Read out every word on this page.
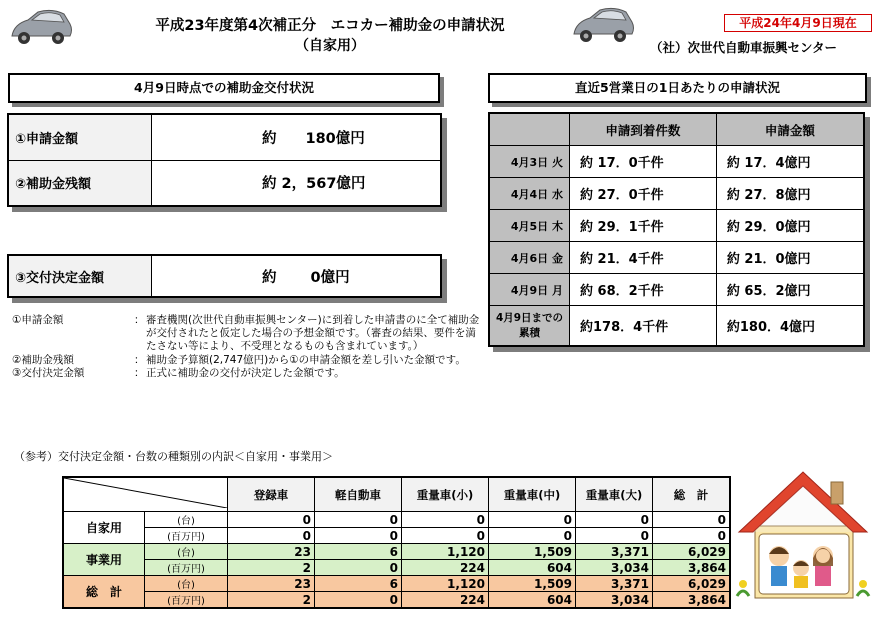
平成23年度第4次補正分　エコカー補助金の申請状況
（自家用）
平成24年4月9日現在
（社）次世代自動車振興センター
4月9日時点での補助金交付状況
①申請金額	約　　180億円
②補助金残額	約 2，567億円
③交付決定金額	約　　 0億円
直近5営業日の1日あたりの申請状況
	申請到着件数	申請金額
4月3日 火	約 17．0千件	約 17．4億円
4月4日 水	約 27．0千件	約 27．8億円
4月5日 木	約 29．1千件	約 29．0億円
4月6日 金	約 21．4千件	約 21．0億円
4月9日 月	約 68．2千件	約 65．2億円
4月9日までの累積	約178．4千件	約180．4億円
①申請金額	： 審査機関(次世代自動車振興センター)に到着した申請書のに全て補助金が交付されたと仮定した場合の予想金額です。（審査の結果、要件を満たさない等により、不受理となるものも含まれています。）
②補助金残額	： 補助金予算額(2,747億円)から①の申請金額を差し引いた金額です。
③交付決定金額	： 正式に補助金の交付が決定した金額です。
（参考）交付決定金額・台数の種類別の内訳＜自家用・事業用＞
	登録車	軽自動車	重量車(小)	重量車(中)	重量車(大)	総　計
自家用	(台)	0	0	0	0	0	0
	(百万円)	0	0	0	0	0	0
事業用	(台)	23	6	1,120	1,509	3,371	6,029
	(百万円)	2	0	224	604	3,034	3,864
総　計	(台)	23	6	1,120	1,509	3,371	6,029
	(百万円)	2	0	224	604	3,034	3,864
